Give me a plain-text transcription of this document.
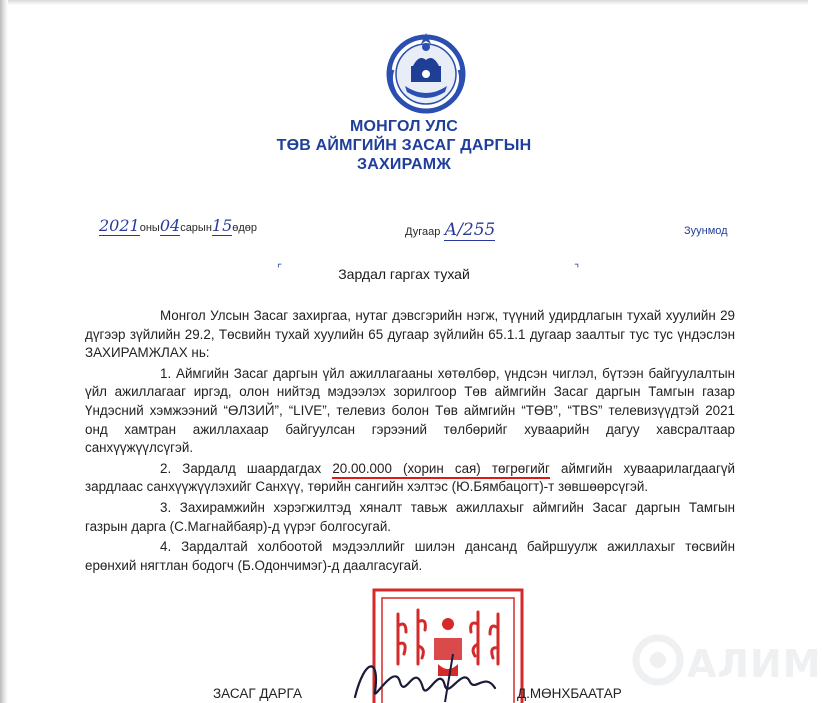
МОНГОЛ УЛС
ТӨВ АЙМГИЙН ЗАСАГ ДАРГЫН
ЗАХИРАМЖ
2021оны04сарын15өдөр	Дугаар А/255	Зуунмод
⌜	⌝
Зардал гаргах тухай

Монгол Улсын Засаг захиргаа, нутаг дэвсгэрийн нэгж, түүний удирдлагын тухай хуулийн 29 дүгээр зүйлийн 29.2, Төсвийн тухай хуулийн 65 дугаар зүйлийн 65.1.1 дугаар заалтыг тус тус үндэслэн ЗАХИРАМЖЛАХ нь:

1. Аймгийн Засаг даргын үйл ажиллагааны хөтөлбөр, үндсэн чиглэл, бүтээн байгуулалтын үйл ажиллагааг иргэд, олон нийтэд мэдээлэх зорилгоор Төв аймгийн Засаг даргын Тамгын газар Үндэсний хэмжээний “ӨЛЗИЙ”, “LIVE”, телевиз болон Төв аймгийн “ТӨВ”, “TBS” телевизүүдтэй 2021 онд хамтран ажиллахаар байгуулсан гэрээний төлбөрийг хуваарийн дагуу хавсралтаар санхүүжүүлсүгэй.

2. Зардалд шаардагдах 20.00.000 (хорин сая) төгрөгийг аймгийн хуваарилагдаагүй зардлаас санхүүжүүлэхийг Санхүү, төрийн сангийн хэлтэс (Ю.Бямбацогт)-т зөвшөөрсүгэй.

3. Захирамжийн хэрэгжилтэд хяналт тавьж ажиллахыг аймгийн Засаг даргын Тамгын газрын дарга (С.Магнайбаяр)-д үүрэг болгосугай.

4. Зардалтай холбоотой мэдээллийг шилэн дансанд байршуулж ажиллахыг төсвийн ерөнхий нягтлан бодогч (Б.Одончимэг)-д даалгасугай.

ЗАСАГ ДАРГА	Д.МӨНХБААТАР
АЛИМ
